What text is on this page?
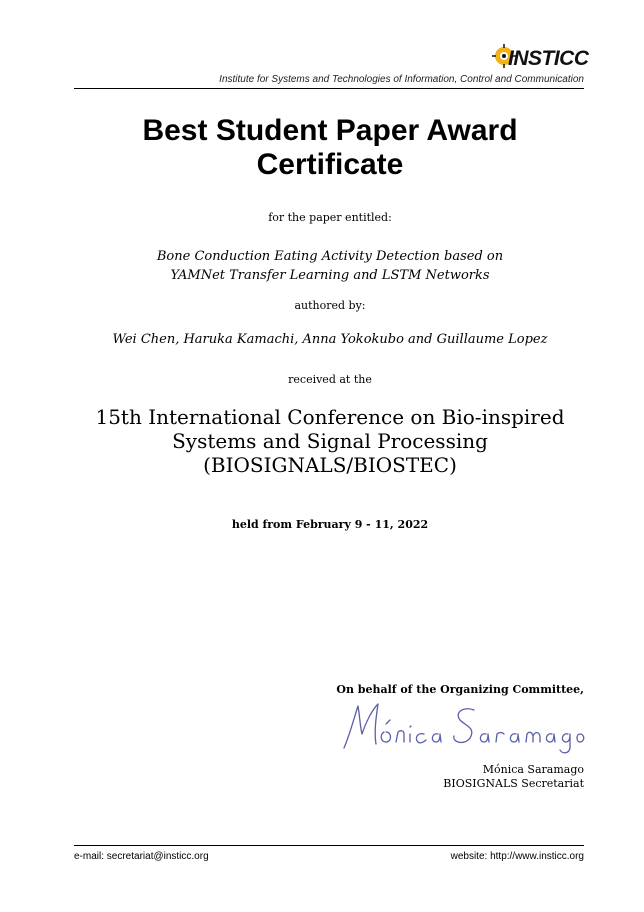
INSTICC
Institute for Systems and Technologies of Information, Control and Communication
Best Student Paper Award
Certificate
for the paper entitled:
Bone Conduction Eating Activity Detection based on
YAMNet Transfer Learning and LSTM Networks
authored by:
Wei Chen, Haruka Kamachi, Anna Yokokubo and Guillaume Lopez
received at the
15th International Conference on Bio-inspired
Systems and Signal Processing
(BIOSIGNALS/BIOSTEC)
held from February 9 - 11, 2022
On behalf of the Organizing Committee,
Mónica Saramago
BIOSIGNALS Secretariat
e-mail: secretariat@insticc.org	website: http://www.insticc.org
